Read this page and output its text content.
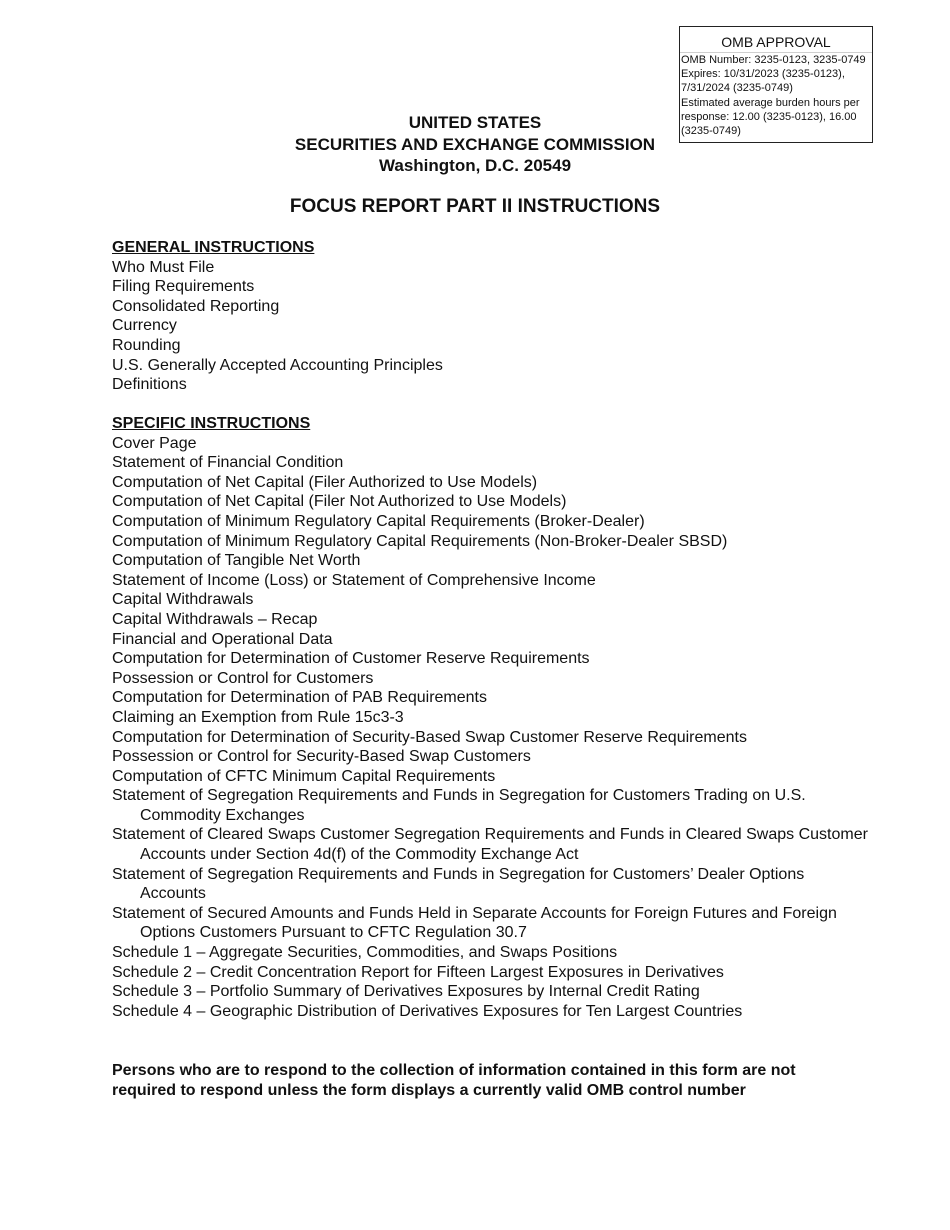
OMB APPROVAL
OMB Number: 3235-0123, 3235-0749
Expires: 10/31/2023 (3235-0123),
7/31/2024 (3235-0749)
Estimated average burden hours per
response: 12.00 (3235-0123), 16.00
(3235-0749)
UNITED STATES
SECURITIES AND EXCHANGE COMMISSION
Washington, D.C. 20549
FOCUS REPORT PART II INSTRUCTIONS
GENERAL INSTRUCTIONS
Who Must File
Filing Requirements
Consolidated Reporting
Currency
Rounding
U.S. Generally Accepted Accounting Principles
Definitions
SPECIFIC INSTRUCTIONS
Cover Page
Statement of Financial Condition
Computation of Net Capital (Filer Authorized to Use Models)
Computation of Net Capital (Filer Not Authorized to Use Models)
Computation of Minimum Regulatory Capital Requirements (Broker-Dealer)
Computation of Minimum Regulatory Capital Requirements (Non-Broker-Dealer SBSD)
Computation of Tangible Net Worth
Statement of Income (Loss) or Statement of Comprehensive Income
Capital Withdrawals
Capital Withdrawals – Recap
Financial and Operational Data
Computation for Determination of Customer Reserve Requirements
Possession or Control for Customers
Computation for Determination of PAB Requirements
Claiming an Exemption from Rule 15c3-3
Computation for Determination of Security-Based Swap Customer Reserve Requirements
Possession or Control for Security-Based Swap Customers
Computation of CFTC Minimum Capital Requirements
Statement of Segregation Requirements and Funds in Segregation for Customers Trading on U.S. Commodity Exchanges
Statement of Cleared Swaps Customer Segregation Requirements and Funds in Cleared Swaps Customer Accounts under Section 4d(f) of the Commodity Exchange Act
Statement of Segregation Requirements and Funds in Segregation for Customers’ Dealer Options Accounts
Statement of Secured Amounts and Funds Held in Separate Accounts for Foreign Futures and Foreign Options Customers Pursuant to CFTC Regulation 30.7
Schedule 1 – Aggregate Securities, Commodities, and Swaps Positions
Schedule 2 – Credit Concentration Report for Fifteen Largest Exposures in Derivatives
Schedule 3 – Portfolio Summary of Derivatives Exposures by Internal Credit Rating
Schedule 4 – Geographic Distribution of Derivatives Exposures for Ten Largest Countries
Persons who are to respond to the collection of information contained in this form are not required to respond unless the form displays a currently valid OMB control number
